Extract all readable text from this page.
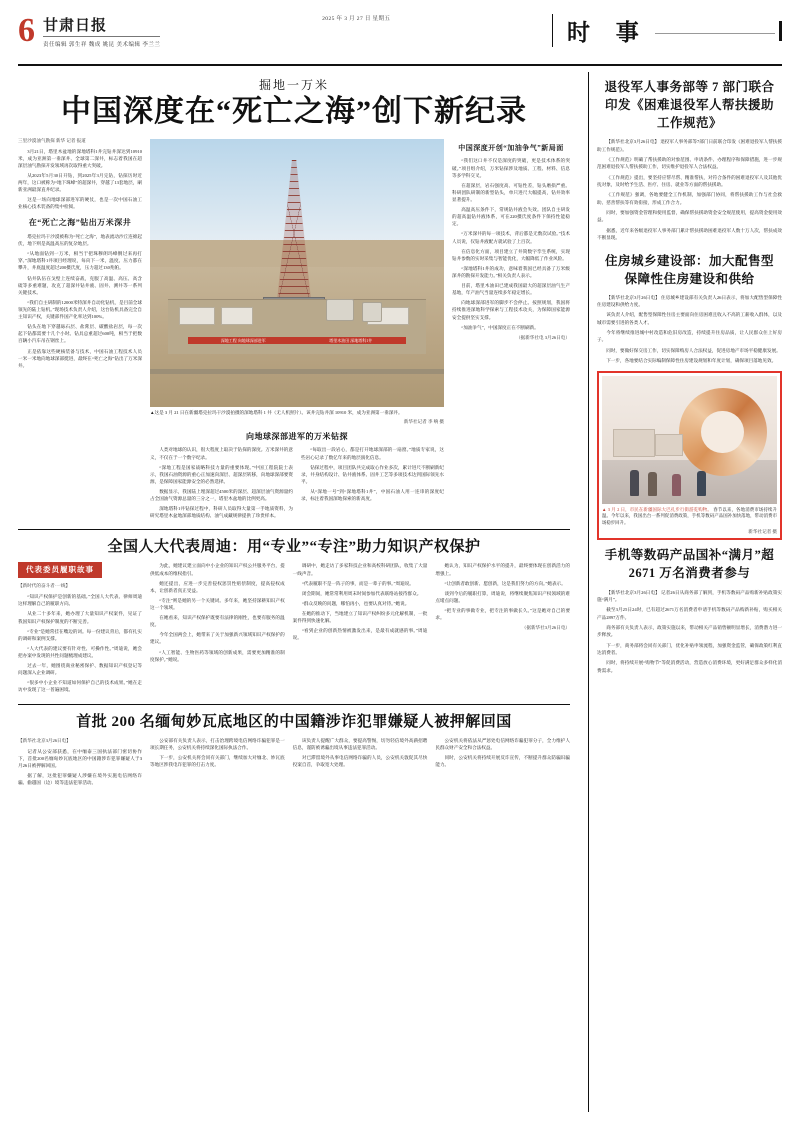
6 甘肃日报
责任编辑 郭生祥 魏成 姚昆 美术编辑 李兰兰
2025 年 3 月 27 日 星期五
时 事
掘地一万米
中国深度在“死亡之海”创下新纪录
三里沙漠油气勘探 新华 记者 报道

3月21日，塔里木盆地的深地塔科1井完钻井深达到10910米，成为亚洲第一垂深井、全球第二深井，标志着我国在超深层油气勘探开发领域再次取得重大突破。

从2023年5月30日开钻，到2025年3月完钻，钻探历时近两年，这口被称为“地下珠峰”的超深井，穿越了13套地层，刷新亚洲最深直井纪录。

这是一场向地球深部进军的硬仗，也是一次中国石油工业核心技术装备的集中检阅。

在“死亡之海”钻出万米深井

塔克拉玛干沙漠被称为“死亡之海”，地表流动沙丘连绵起伏，地下则是高温高压的复杂地层。

“从地面钻到一万米，相当于把珠穆朗玛峰倒过来再打穿。”深地塔科1井项目经理说，每向下一米，温度、压力都在攀升，井底温度超过200摄氏度，压力超过130兆帕。

钻井队伍在戈壁上连续奋战，克服了高温、高压、高含硫等多重难题，攻克了超深井钻井液、固井、测井等一系列关键技术。

“我们自主研制的12000米特深井自动化钻机，是目前全球领先的陆上钻机。”现场技术负责人介绍，这台钻机具备完全自主知识产权，关键部件国产化率达到100%。

钻头在地下穿越砾石层、盐膏层、碳酸盐岩层，每一次起下钻都需要十几个小时。钻具总重超过600吨，相当于把数百辆小汽车吊在钢丝上。

正是依靠这些硬核装备与技术，中国石油工程技术人员一米一米地向地球深部挺进，最终在“死亡之海”钻出了万米深井。

深地工程 向地球深部进军	塔里木油田 深地塔科1井
▲这是 3 月 21 日在新疆塔克拉玛干沙漠拍摄的深地塔科 1 井（无人机照片）。该井完钻井深 10910 米，成为亚洲第一垂深井。
新华社记者 李 响 摄
向地球深部进军的万米钻探

人类对地球的认识，很大程度上取决于钻探的深度。万米深井的意义，不仅在于一个数字纪录。

“深地工程是国家战略科技力量的重要体现。”中国工程院院士表示，我国石油资源的重心正加速向深层、超深层转移，向地球深部要资源，是保障国家能源安全的必然选择。

数据显示，我国陆上埋深超过4500米的深层、超深层油气资源量约占全国油气资源总量的三分之一，塔里木盆地的比例更高。

深地塔科1井钻探过程中，科研人员取得大量第一手地质资料，为研究塔里木盆地深部地质结构、油气成藏规律提供了珍贵样本。

“每取出一段岩心，都是打开地球深部的一扇窗。”地质专家说，这些岩心记录了数亿年来的地层演化信息。

钻探过程中，项目团队共完成取心作业多次，累计进尺不断刷新纪录，井身结构设计、钻井液体系、固井工艺等多项技术达到国际领先水平。

从“深地一号”到“深地塔科1井”，中国石油人用一连串的深度纪录，标注着我国深地探索的新高度。

中国深度开创“加油争气”新局面

“我们这口井不仅是深度的突破，更是技术体系的突破。”项目组介绍，万米钻探涉及地质、工程、材料、信息等多学科交叉。

在超深层，岩石强度高、可钻性差，钻头磨损严重。科研团队研制的新型钻头，单只进尺大幅提高，钻井效率显著提升。

高温高压条件下，常规钻井液会失效。团队自主研发的超高温钻井液体系，可在220摄氏度条件下保持性能稳定。

“万米深井的每一项技术，背后都是无数次试验。”技术人员说，仅钻井液配方就试验了上百次。

在信息化方面，项目建立了井筒数字孪生系统，实现钻井参数的实时采集与智能优化，大幅降低了作业风险。

“深地塔科1井的成功，意味着我国已经具备了万米级深井的勘探开发能力。”相关负责人表示。

目前，塔里木油田已建成我国最大的超深层油气生产基地，年产油气当量连续多年稳定增长。

向地球深部进军的脚步不会停止。按照规划，我国将持续推进深地科学探索与工程技术攻关，为保障国家能源安全提供坚实支撑。

“加油争气”，中国深度正在不断刷新。

（据新华社电 3月26日电）
全国人大代表周迪：用“专业”“专注”助力知识产权保护
代表委员履职故事
【新时代的奋斗者·一线】

“知识产权保护是创新的基础。”全国人大代表、律师周迪这样理解自己的履职方向。

从业二十多年来，她办理了大量知识产权案件，见证了我国知识产权保护制度的不断完善。

“专业”是她常挂在嘴边的词。每一份建议背后，都有扎实的调研和案例支撑。

“人大代表的建议要有针对性、可操作性。”周迪说，她会把办案中发现的共性问题梳理成建议。

过去一年，她围绕商业秘密保护、数据知识产权登记等问题深入企业调研。

“很多中小企业不知道如何保护自己的技术成果。”她在走访中发现了这一普遍困境。

为此，她建议建立面向中小企业的知识产权公共服务平台，提供低成本的维权指引。

她还提出，应进一步完善侵权惩罚性赔偿制度，提高侵权成本，让创新者真正受益。

“专注”则是她的另一个关键词。多年来，她坚持深耕知识产权这一个领域。

在她看来，知识产权保护既要有法律的刚性，也要有服务的温度。

今年全国两会上，她带来了关于加强新兴领域知识产权保护的建议。

“人工智能、生物医药等领域的创新成果，需要更加精准的制度保护。”她说。

调研中，她走访了多家科技企业和高校科研团队，收集了大量一线声音。

“代表履职不是一阵子的事，而是一辈子的事。”周迪说。

闭会期间，她常常利用周末时间参加代表联络站接待群众。

“群众反映的问题，哪怕再小，也要认真对待。”她说。

在她的推动下，当地建立了知识产权纠纷多元化解机制，一批案件得到快速化解。

“看到企业的创新热情被激发出来，是最有成就感的事。”周迪说。

她认为，知识产权保护水平的提升，最终要体现在创新活力的增强上。

“让创新者敢创新、愿创新，这是我们努力的方向。”她表示。

谈到今后的履职打算，周迪说，将继续聚焦知识产权领域的难点堵点问题。

“把专业的事做专业，把专注的事做长久。”这是她对自己的要求。

（据新华社3月26日电）
首批 200 名缅甸妙瓦底地区的中国籍涉诈犯罪嫌疑人被押解回国
【新华社北京3月26日电】

记者从公安部获悉，在中缅泰三国执法部门密切协作下，首批200名缅甸妙瓦底地区的中国籍涉诈犯罪嫌疑人于3月26日被押解回国。

据了解，这批犯罪嫌疑人涉嫌在境外实施电信网络诈骗、偷越国（边）境等违法犯罪活动。

公安部有关负责人表示，打击治理跨境电信网络诈骗犯罪是一项长期任务，公安机关将持续深化国际执法合作。

下一步，公安机关将会同有关部门，继续加大对缅北、妙瓦底等地区涉我电诈犯罪的打击力度。

该负责人提醒广大群众，要提高警惕，切勿轻信境外高薪招聘信息，谨防被诱骗出境从事违法犯罪活动。

对已滞留境外从事电信网络诈骗的人员，公安机关敦促其尽快投案自首，争取宽大处理。

公安机关将依法从严惩处电信网络诈骗犯罪分子，全力维护人民群众财产安全和合法权益。

同时，公安机关将持续开展反诈宣传，不断提升群众防骗识骗能力。

退役军人事务部等 7 部门联合印发《困难退役军人帮扶援助工作规范》

【新华社北京3月26日电】 退役军人事务部等7部门日前联合印发《困难退役军人帮扶援助工作规范》。

《工作规范》明确了帮扶援助的对象范围、申请条件、办理程序和保障措施，进一步规范困难退役军人帮扶援助工作，切实维护退役军人合法权益。

《工作规范》提出，要坚持应帮尽帮、精准帮扶，对符合条件的困难退役军人及其他优抚对象，及时给予生活、医疗、住房、就业等方面的帮扶援助。

《工作规范》强调，各地要健全工作机制，加强部门协同，将帮扶援助工作与社会救助、慈善帮扶等有效衔接，形成工作合力。

同时，要加强资金管理和使用监督，确保帮扶援助资金安全规范使用，提高资金使用效益。

据悉，近年来各级退役军人事务部门累计帮扶援助困难退役军人数十万人次，帮扶成效不断显现。

住房城乡建设部：加大配售型保障性住房建设和供给

【新华社北京3月26日电】 住房城乡建设部有关负责人26日表示，将加大配售型保障性住房建设和供给力度。

该负责人介绍，配售型保障性住房主要面向住房困难且收入不高的工薪收入群体，以及城市需要引进的各类人才。

今年将继续推进城中村改造和危旧房改造，持续提升住房品质，让人民群众住上好房子。

同时，要做好保交房工作，切实保障购房人合法权益，促进房地产市场平稳健康发展。

下一步，各地要结合实际编制保障性住房建设规划和年度计划，确保项目落地见效。

▲ 3 月 2 日，市民在新疆国际大巴扎步行街游览购物。 春节以来，各地消费市场持续升温。今年以来，我国出台一系列促消费政策，手机等数码产品国补加快落地，带动消费市场稳步回升。
新华社记者 摄
手机等数码产品国补“满月”超 2671 万名消费者参与

【新华社北京3月26日电】 记者26日从商务部了解到，手机等数码产品购新补贴政策实施“满月”。

截至3月25日24时，已有超过2671万名消费者申请手机等数码产品购新补贴，购买相关产品2897万件。

商务部有关负责人表示，政策实施以来，带动相关产品销售额明显增长，消费潜力进一步释放。

下一步，商务部将会同有关部门，优化补贴申领流程，加强资金监管，确保政策红利直达消费者。

同时，将持续开展“购物节”等促消费活动，营造放心消费环境，更好满足群众多样化消费需求。
